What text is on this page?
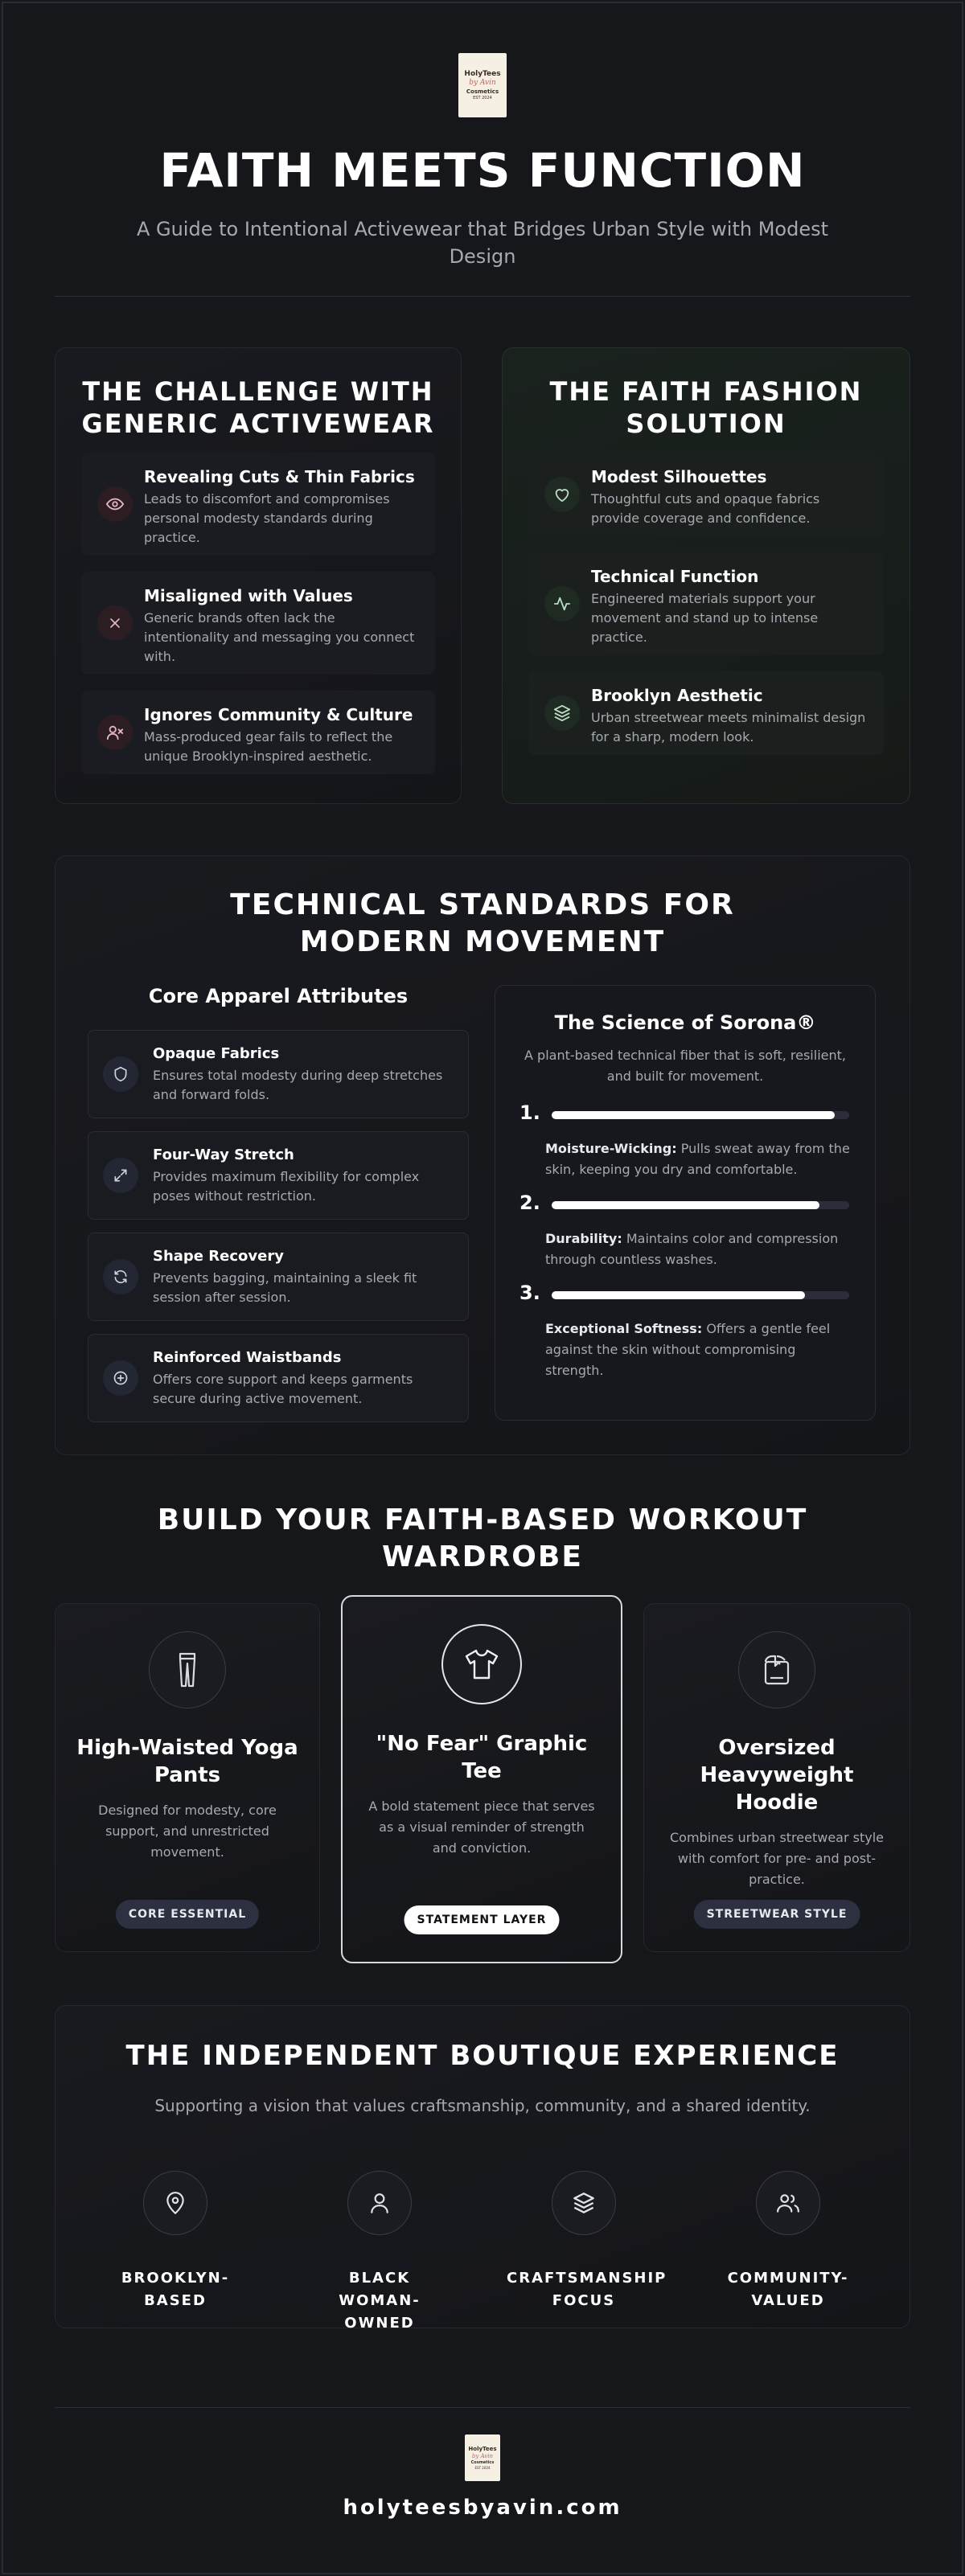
HolyTees
by Avin
Cosmetics
EST 2024
FAITH MEETS FUNCTION
A Guide to Intentional Activewear that Bridges Urban Style with Modest Design
THE CHALLENGE WITH GENERIC ACTIVEWEAR
Revealing Cuts & Thin Fabrics
Leads to discomfort and compromises personal modesty standards during practice.
Misaligned with Values
Generic brands often lack the intentionality and messaging you connect with.
Ignores Community & Culture
Mass-produced gear fails to reflect the unique Brooklyn-inspired aesthetic.
THE FAITH FASHION SOLUTION
Modest Silhouettes
Thoughtful cuts and opaque fabrics provide coverage and confidence.
Technical Function
Engineered materials support your movement and stand up to intense practice.
Brooklyn Aesthetic
Urban streetwear meets minimalist design for a sharp, modern look.
TECHNICAL STANDARDS FOR MODERN MOVEMENT
Core Apparel Attributes
Opaque Fabrics
Ensures total modesty during deep stretches and forward folds.
Four-Way Stretch
Provides maximum flexibility for complex poses without restriction.
Shape Recovery
Prevents bagging, maintaining a sleek fit session after session.
Reinforced Waistbands
Offers core support and keeps garments secure during active movement.
The Science of Sorona®
A plant-based technical fiber that is soft, resilient, and built for movement.
1.
Moisture-Wicking: Pulls sweat away from the skin, keeping you dry and comfortable.
2.
Durability: Maintains color and compression through countless washes.
3.
Exceptional Softness: Offers a gentle feel against the skin without compromising strength.
BUILD YOUR FAITH-BASED WORKOUT WARDROBE
High-Waisted Yoga Pants
Designed for modesty, core support, and unrestricted movement.
CORE ESSENTIAL
"No Fear" Graphic Tee
A bold statement piece that serves as a visual reminder of strength and conviction.
STATEMENT LAYER
Oversized Heavyweight Hoodie
Combines urban streetwear style with comfort for pre- and post-practice.
STREETWEAR STYLE
THE INDEPENDENT BOUTIQUE EXPERIENCE
Supporting a vision that values craftsmanship, community, and a shared identity.
BROOKLYN-BASED
BLACK WOMAN-OWNED
CRAFTSMANSHIP FOCUS
COMMUNITY-VALUED
HolyTees
by Avin
Cosmetics
EST 2024
holyteesbyavin.com
